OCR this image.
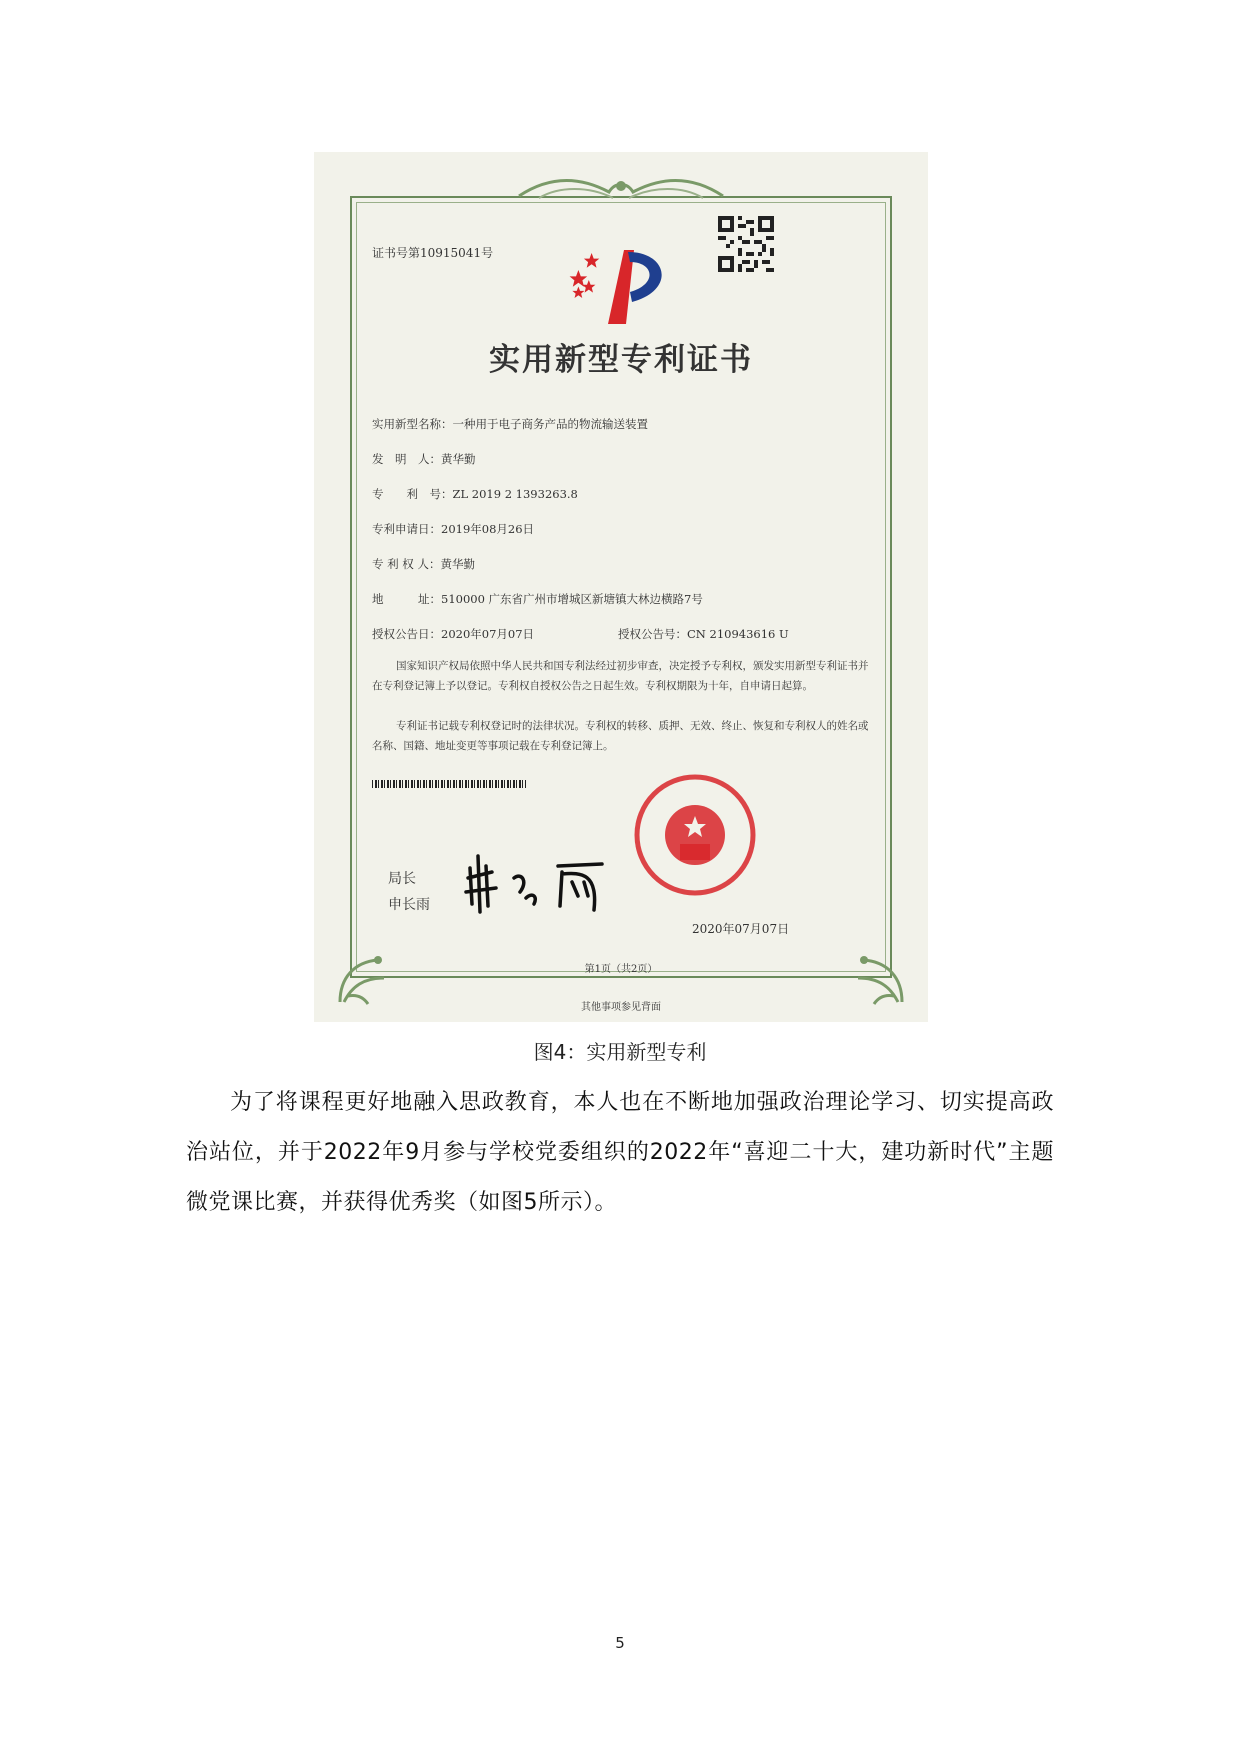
证书号第10915041号
实用新型专利证书
实用新型名称：一种用于电子商务产品的物流输送装置
发　明　人：黄华勤
专　　利　号：ZL 2019 2 1393263.8
专利申请日：2019年08月26日
专 利 权 人：黄华勤
地　　　址：510000 广东省广州市增城区新塘镇大林边横路7号
授权公告日：2020年07月07日	授权公告号：CN 210943616 U
国家知识产权局依照中华人民共和国专利法经过初步审查，决定授予专利权，颁发实用新型专利证书并在专利登记簿上予以登记。专利权自授权公告之日起生效。专利权期限为十年，自申请日起算。
专利证书记载专利权登记时的法律状况。专利权的转移、质押、无效、终止、恢复和专利权人的姓名或名称、国籍、地址变更等事项记载在专利登记簿上。
局长
申长雨
2020年07月07日
第1页（共2页）
其他事项参见背面
图4：实用新型专利
为了将课程更好地融入思政教育，本人也在不断地加强政治理论学习、切实提高政治站位，并于2022年9月参与学校党委组织的2022年“喜迎二十大，建功新时代”主题微党课比赛，并获得优秀奖（如图5所示）。
5
